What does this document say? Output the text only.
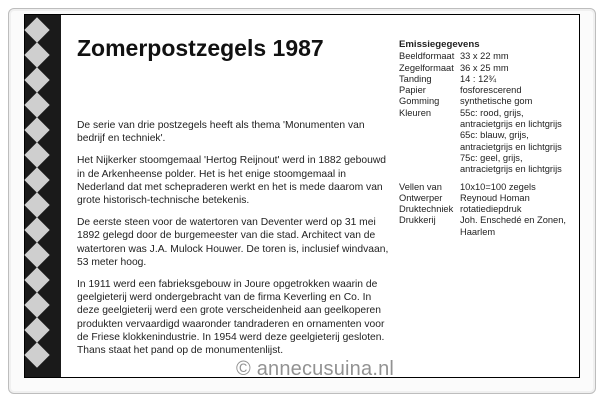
Zomerpostzegels 1987

De serie van drie postzegels heeft als thema 'Monumenten van bedrijf en techniek'.

Het Nijkerker stoomgemaal 'Hertog Reijnout' werd in 1882 gebouwd in de Arkenheense polder. Het is het enige stoomgemaal in Nederland dat met schepraderen werkt en het is mede daarom van grote historisch-technische betekenis.

De eerste steen voor de watertoren van Deventer werd op 31 mei 1892 gelegd door de burgemeester van die stad. Architect van de watertoren was J.A. Mulock Houwer. De toren is, inclusief windvaan, 53 meter hoog.

In 1911 werd een fabrieksgebouw in Joure opgetrokken waarin de geelgieterij werd ondergebracht van de firma Keverling en Co. In deze geelgieterij werd een grote verscheidenheid aan geelkoperen produkten vervaardigd waaronder tandraderen en ornamenten voor de Friese klokkenindustrie. In 1954 werd deze geelgieterij gesloten. Thans staat het pand op de monumentenlijst.

Emissiegegevens
Beeldformaat 33 x 22 mm
Zegelformaat 36 x 25 mm
Tanding	14 : 12¾
Papier	fosforescerend
Gomming	synthetische gom
Kleuren	55c: rood, grijs, antracietgrijs en lichtgrijs
65c: blauw, grijs, antracietgrijs en lichtgrijs
75c: geel, grijs, antracietgrijs en lichtgrijs
Vellen van	10x10=100 zegels
Ontwerper	Reynoud Homan
Druktechniek rotatiediepdruk
Drukkerij	Joh. Enschedé en Zonen, Haarlem
© annecusuina.nl
